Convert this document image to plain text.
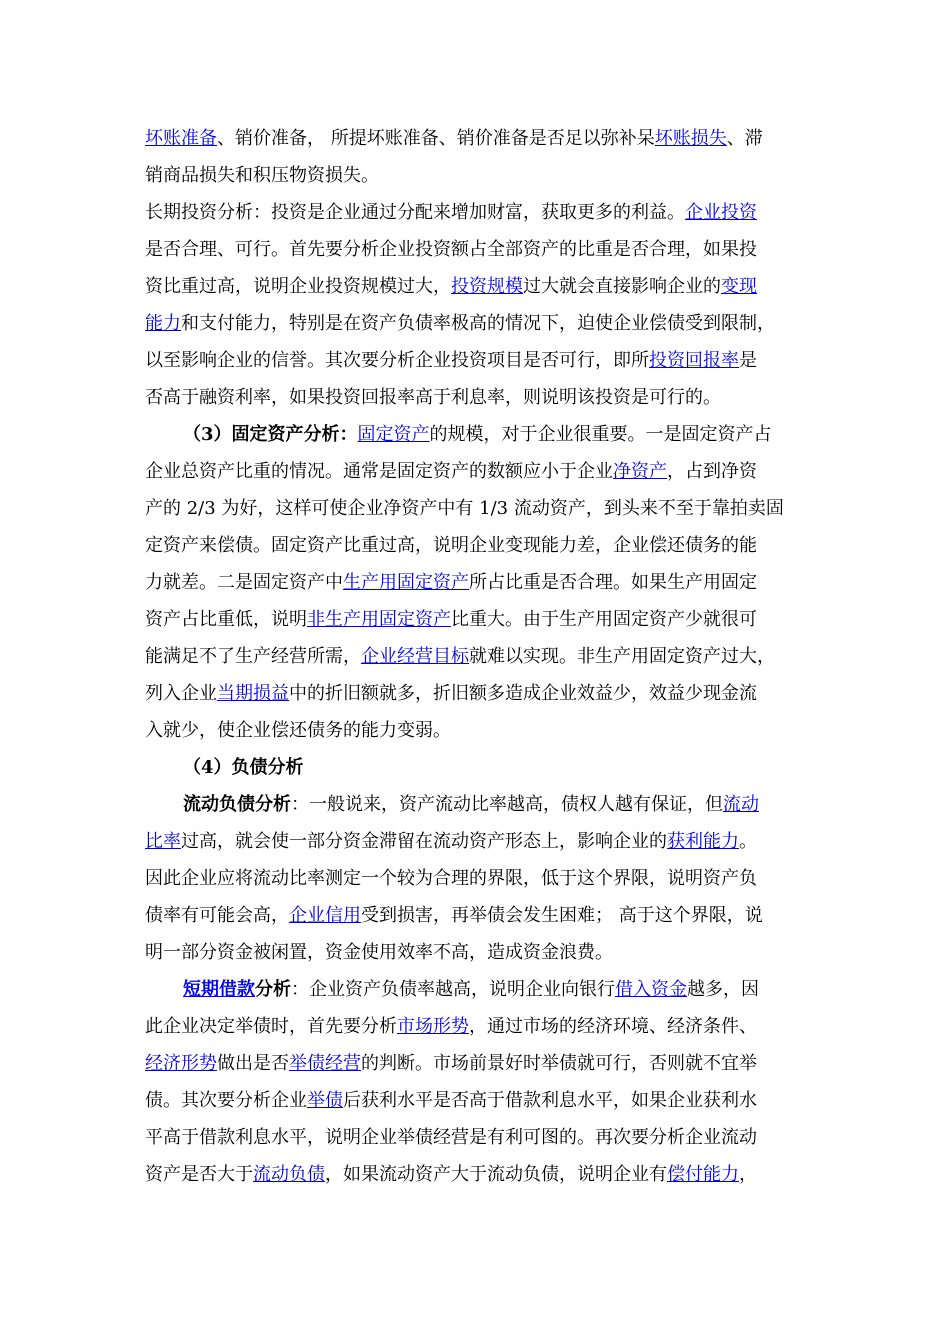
坏账准备、销价准备， 所提坏账准备、销价准备是否足以弥补呆坏账损失、滞
销商品损失和积压物资损失。
长期投资分析：投资是企业通过分配来增加财富，获取更多的利益。企业投资
是否合理、可行。首先要分析企业投资额占全部资产的比重是否合理，如果投
资比重过高，说明企业投资规模过大，投资规模过大就会直接影响企业的变现
能力和支付能力，特别是在资产负债率极高的情况下，迫使企业偿债受到限制，
以至影响企业的信誉。其次要分析企业投资项目是否可行，即所投资回报率是
否高于融资利率，如果投资回报率高于利息率，则说明该投资是可行的。
（3）固定资产分析：固定资产的规模，对于企业很重要。一是固定资产占
企业总资产比重的情况。通常是固定资产的数额应小于企业净资产，占到净资
产的 2/3 为好，这样可使企业净资产中有 1/3 流动资产，到头来不至于靠拍卖固
定资产来偿债。固定资产比重过高，说明企业变现能力差，企业偿还债务的能
力就差。二是固定资产中生产用固定资产所占比重是否合理。如果生产用固定
资产占比重低，说明非生产用固定资产比重大。由于生产用固定资产少就很可
能满足不了生产经营所需，企业经营目标就难以实现。非生产用固定资产过大，
列入企业当期损益中的折旧额就多，折旧额多造成企业效益少，效益少现金流
入就少，使企业偿还债务的能力变弱。
（4）负债分析
流动负债分析：一般说来，资产流动比率越高，债权人越有保证，但流动
比率过高，就会使一部分资金滞留在流动资产形态上，影响企业的获利能力。
因此企业应将流动比率测定一个较为合理的界限，低于这个界限，说明资产负
债率有可能会高，企业信用受到损害，再举债会发生困难； 高于这个界限，说
明一部分资金被闲置，资金使用效率不高，造成资金浪费。
短期借款分析：企业资产负债率越高，说明企业向银行借入资金越多，因
此企业决定举债时，首先要分析市场形势，通过市场的经济环境、经济条件、
经济形势做出是否举债经营的判断。市场前景好时举债就可行，否则就不宜举
债。其次要分析企业举债后获利水平是否高于借款利息水平，如果企业获利水
平高于借款利息水平，说明企业举债经营是有利可图的。再次要分析企业流动
资产是否大于流动负债，如果流动资产大于流动负债，说明企业有偿付能力，
